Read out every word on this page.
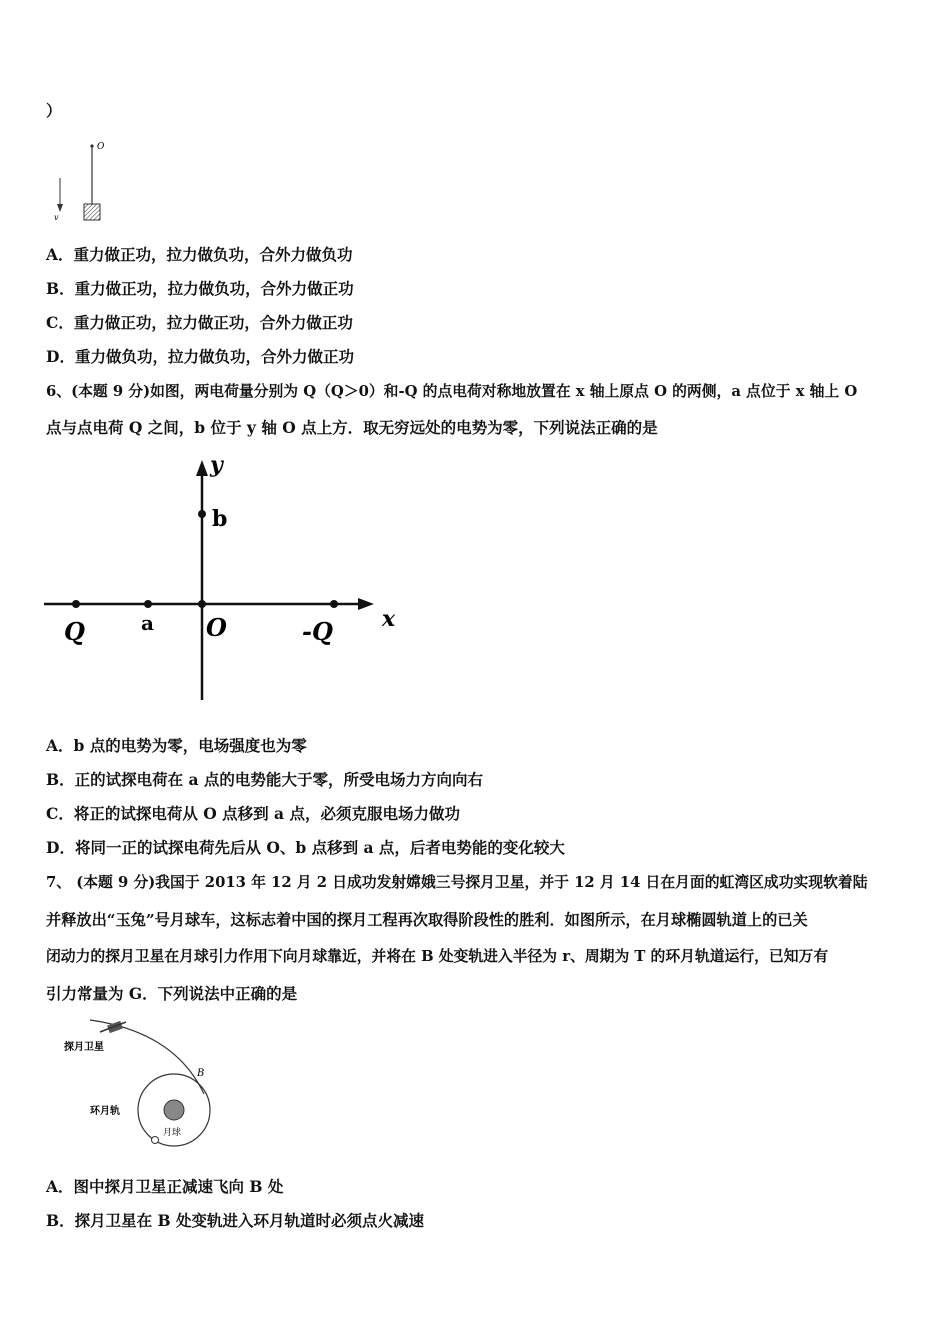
）
v
O
A．重力做正功，拉力做负功，合外力做负功
B．重力做正功，拉力做负功，合外力做正功
C．重力做正功，拉力做正功，合外力做正功
D．重力做负功，拉力做负功，合外力做正功
6、(本题 9 分)如图，两电荷量分别为 Q（Q＞0）和-Q 的点电荷对称地放置在 x 轴上原点 O 的两侧，a 点位于 x 轴上 O
点与点电荷 Q 之间，b 位于 y 轴 O 点上方．取无穷远处的电势为零，下列说法正确的是
y
x
b
Q	a O	-Q
A．b 点的电势为零，电场强度也为零
B．正的试探电荷在 a 点的电势能大于零，所受电场力方向向右
C．将正的试探电荷从 O 点移到 a 点，必须克服电场力做功
D．将同一正的试探电荷先后从 O、b 点移到 a 点，后者电势能的变化较大
7、 (本题 9 分)我国于 2013 年 12 月 2 日成功发射嫦娥三号探月卫星，并于 12 月 14 日在月面的虹湾区成功实现软着陆
并释放出“玉兔”号月球车，这标志着中国的探月工程再次取得阶段性的胜利．如图所示，在月球椭圆轨道上的已关
闭动力的探月卫星在月球引力作用下向月球靠近，并将在 B 处变轨进入半径为 r、周期为 T 的环月轨道运行，已知万有
引力常量为 G．下列说法中正确的是
探月卫星
B
月球
环月轨
A．图中探月卫星正减速飞向 B 处
B．探月卫星在 B 处变轨进入环月轨道时必须点火减速
